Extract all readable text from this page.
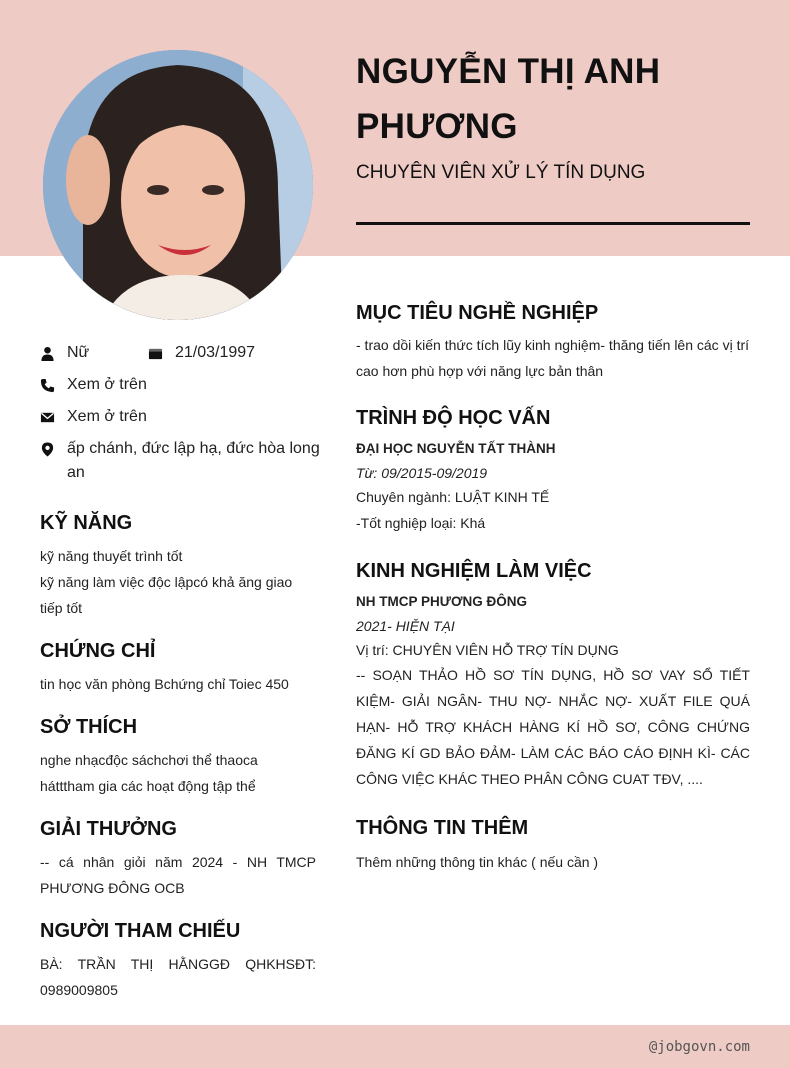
NGUYỄN THỊ ANH PHƯƠNG
CHUYÊN VIÊN XỬ LÝ TÍN DỤNG
Nữ	21/03/1997
Xem ở trên
Xem ở trên
ấp chánh, đức lập hạ, đức hòa long an
KỸ NĂNG
kỹ năng thuyết trình tốt
kỹ năng làm việc độc lậpcó khả ăng giao tiếp tốt
CHỨNG CHỈ
tin học văn phòng Bchứng chỉ Toiec 450
SỞ THÍCH
nghe nhạcđộc sáchchơi thể thaoca hátttham gia các hoạt động tập thể
GIẢI THƯỞNG
-- cá nhân giỏi năm 2024 - NH TMCP PHƯƠNG ĐÔNG OCB
NGƯỜI THAM CHIẾU
BÀ: TRẦN THỊ HẰNGGĐ QHKHSĐT: 0989009805
MỤC TIÊU NGHỀ NGHIỆP
- trao dồi kiến thức tích lũy kinh nghiệm- thăng tiến lên các vị trí cao hơn phù hợp với năng lực bản thân
TRÌNH ĐỘ HỌC VẤN
ĐẠI HỌC NGUYỄN TẤT THÀNH
Từ: 09/2015-09/2019
Chuyên ngành: LUẬT KINH TẾ
-Tốt nghiệp loại: Khá
KINH NGHIỆM LÀM VIỆC
NH TMCP PHƯƠNG ĐÔNG
2021- HIỆN TẠI
Vị trí: CHUYÊN VIÊN HỖ TRỢ TÍN DỤNG
-- SOẠN THẢO HỒ SƠ TÍN DỤNG, HỒ SƠ VAY SỔ TIẾT KIỆM- GIẢI NGÂN- THU NỢ- NHẮC NỢ- XUẤT FILE QUÁ HẠN- HỖ TRỢ KHÁCH HÀNG KÍ HỒ SƠ, CÔNG CHỨNG ĐĂNG KÍ GD BẢO ĐẢM- LÀM CÁC BÁO CÁO ĐỊNH KÌ- CÁC CÔNG VIỆC KHÁC THEO PHÂN CÔNG CUAT TĐV, ....
THÔNG TIN THÊM
Thêm những thông tin khác ( nếu cần )
@jobgovn.com
